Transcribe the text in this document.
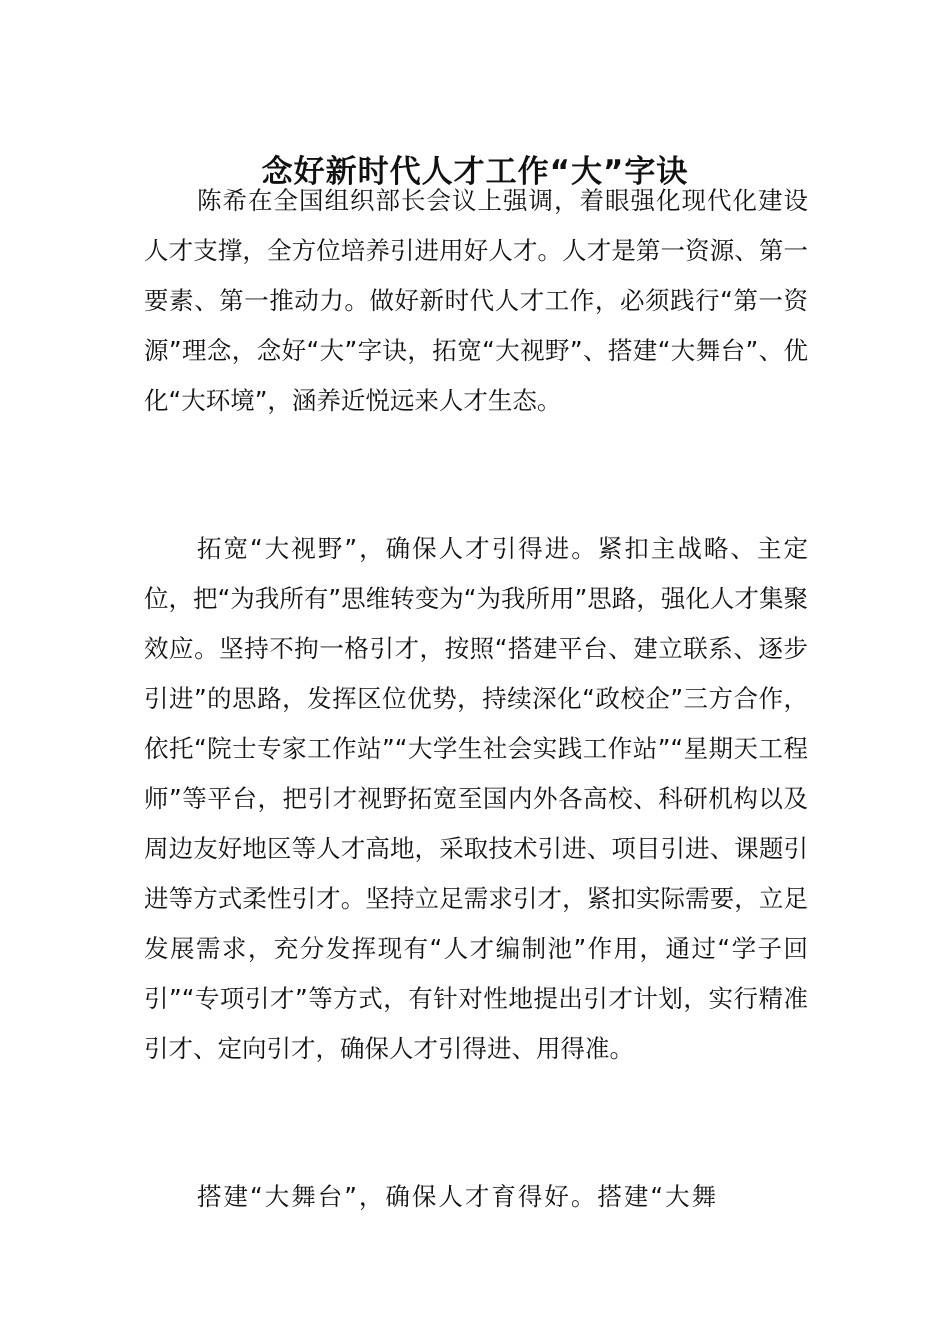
念好新时代人才工作“大”字诀

陈希在全国组织部长会议上强调，着眼强化现代化建设人才支撑，全方位培养引进用好人才。人才是第一资源、第一要素、第一推动力。做好新时代人才工作，必须践行“第一资源”理念，念好“大”字诀，拓宽“大视野”、搭建“大舞台”、优化“大环境”，涵养近悦远来人才生态。

拓宽“大视野”，确保人才引得进。紧扣主战略、主定位，把“为我所有”思维转变为“为我所用”思路，强化人才集聚效应。坚持不拘一格引才，按照“搭建平台、建立联系、逐步引进”的思路，发挥区位优势，持续深化“政校企”三方合作，依托“院士专家工作站”“大学生社会实践工作站”“星期天工程师”等平台，把引才视野拓宽至国内外各高校、科研机构以及周边友好地区等人才高地，采取技术引进、项目引进、课题引进等方式柔性引才。坚持立足需求引才，紧扣实际需要，立足发展需求，充分发挥现有“人才编制池”作用，通过“学子回引”“专项引才”等方式，有针对性地提出引才计划，实行精准引才、定向引才，确保人才引得进、用得准。

搭建“大舞台”，确保人才育得好。搭建“大舞
